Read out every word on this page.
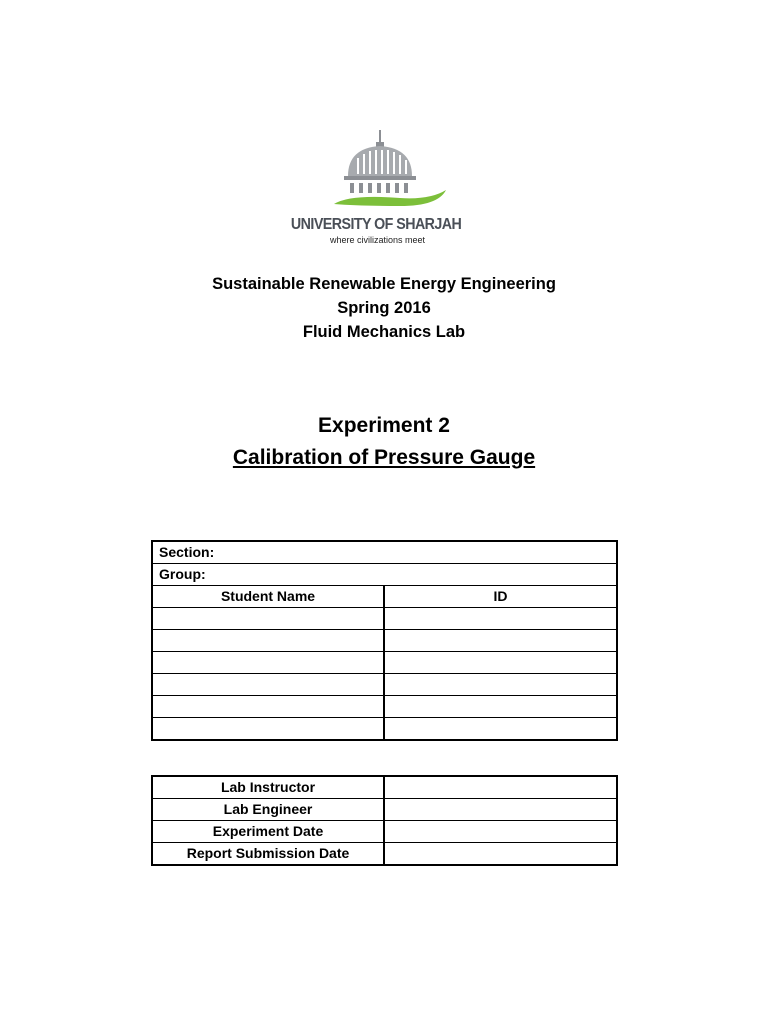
UNIVERSITY OF SHARJAH
where civilizations meet
Sustainable Renewable Energy Engineering
Spring 2016
Fluid Mechanics Lab
Experiment 2
Calibration of Pressure Gauge
Section:	
Group:	
Student Name	ID

Lab Instructor	
Lab Engineer	
Experiment Date	
Report Submission Date	
